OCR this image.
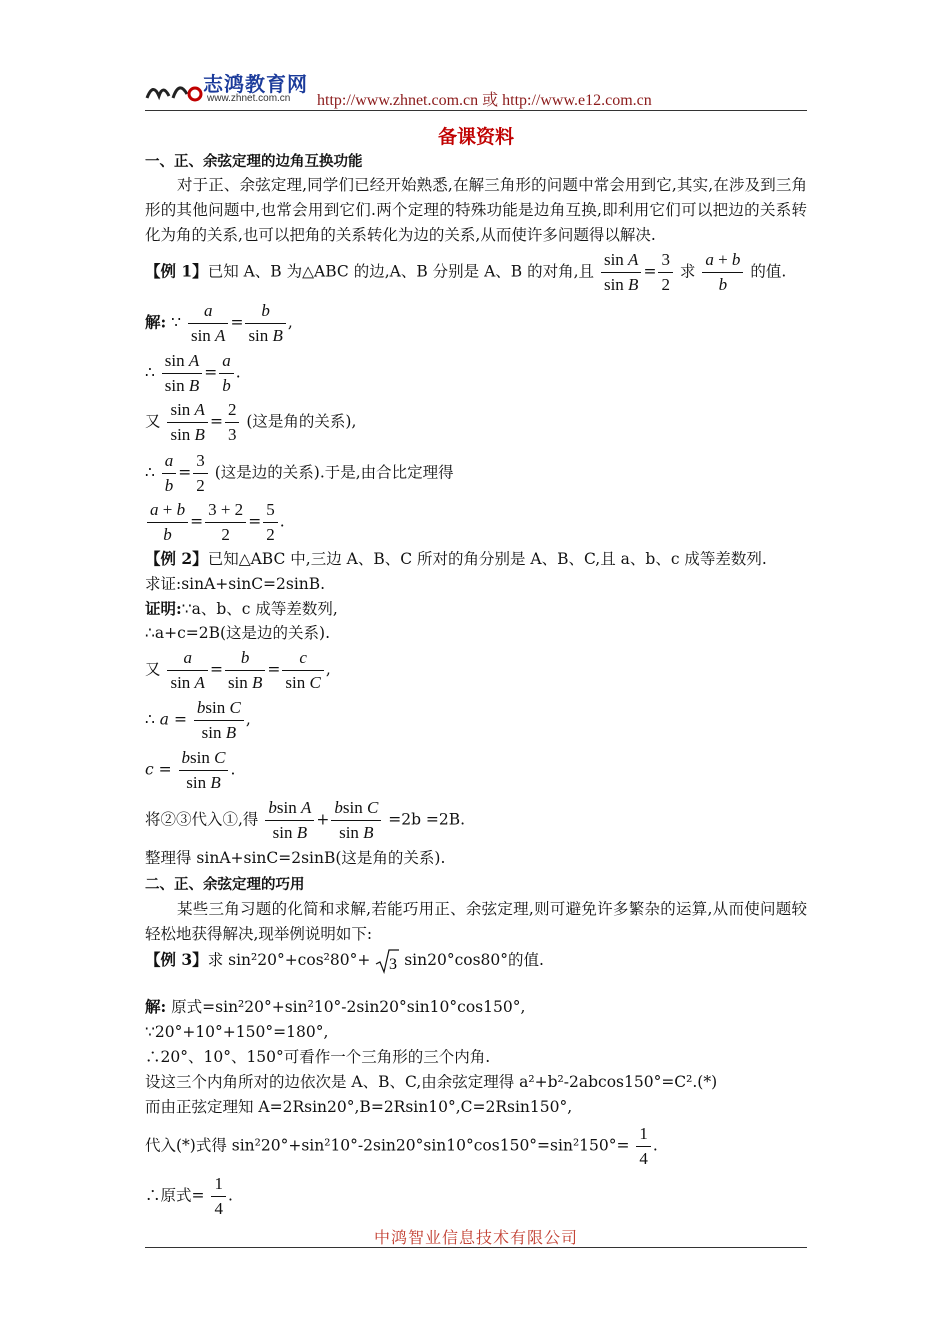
志鸿教育网
www.zhnet.com.cn http://www.zhnet.com.cn 或 http://www.e12.com.cn
备课资料
一、正、余弦定理的边角互换功能
对于正、余弦定理,同学们已经开始熟悉,在解三角形的问题中常会用到它,其实,在涉及到三角形的其他问题中,也常会用到它们.两个定理的特殊功能是边角互换,即利用它们可以把边的关系转化为角的关系,也可以把角的关系转化为边的关系,从而使许多问题得以解决.
【例 1】已知 A、B 为△ABC 的边,A、B 分别是 A、B 的对角,且 $\frac{\text{sin A}}{\text{sin B}} = \frac{3}{2}$ 求 $\frac{a + b}{b}$ 的值.
解: ∵ $\frac{a}{\text{sin A}} = \frac{b}{\text{sin B}}$ ,
∴ $\frac{\text{sin A}}{\text{sin B}} = \frac{a}{b}$ .
又 $\frac{\text{sin A}}{\text{sin B}} = \frac{2}{3}$ (这是角的关系),
∴ $\frac{a}{b} = \frac{3}{2}$ (这是边的关系).于是,由合比定理得
$\frac{a + b}{b} = \frac{3 + 2}{2} = \frac{5}{2}$ .
【例 2】已知△ABC 中,三边 A、B、C 所对的角分别是 A、B、C,且 a、b、c 成等差数列.
求证:sinA+sinC=2sinB.
证明:∵a、b、c 成等差数列,
∴a+c=2B(这是边的关系).
又 $\frac{a}{\text{sin A}} = \frac{b}{\text{sin B}} = \frac{c}{\text{sin C}}$ ,
∴ $a = \frac{\text{bsin C}}{\text{sin B}}$ ,
$c = \frac{\text{bsin C}}{\text{sin B}}$ .
将②③代入①,得 $\frac{\text{bsin A}}{\text{sin B}} + \frac{\text{bsin C}}{\text{sin B}} =2b =2B$.
整理得 sinA+sinC=2sinB(这是角的关系).
二、正、余弦定理的巧用
某些三角习题的化简和求解,若能巧用正、余弦定理,则可避免许多繁杂的运算,从而使问题较轻松地获得解决,现举例说明如下:
【例 3】求 sin²20°+cos²80°+ 3 sin20°cos80°的值.
解: 原式=sin²20°+sin²10°-2sin20°sin10°cos150°,
∵20°+10°+150°=180°,
∴20°、10°、150°可看作一个三角形的三个内角.
设这三个内角所对的边依次是 A、B、C,由余弦定理得 a²+b²-2abcos150°=C².(*)
而由正弦定理知 A=2Rsin20°,B=2Rsin10°,C=2Rsin150°,
代入(*)式得 $\sin^220^\circ+\sin^210^\circ-2\sin 20^\circ\sin 10^\circ\cos 150^\circ=\sin^2150^\circ= \frac{1}{4}$ .
∴原式= $\frac{1}{4}$ .
中鸿智业信息技术有限公司
